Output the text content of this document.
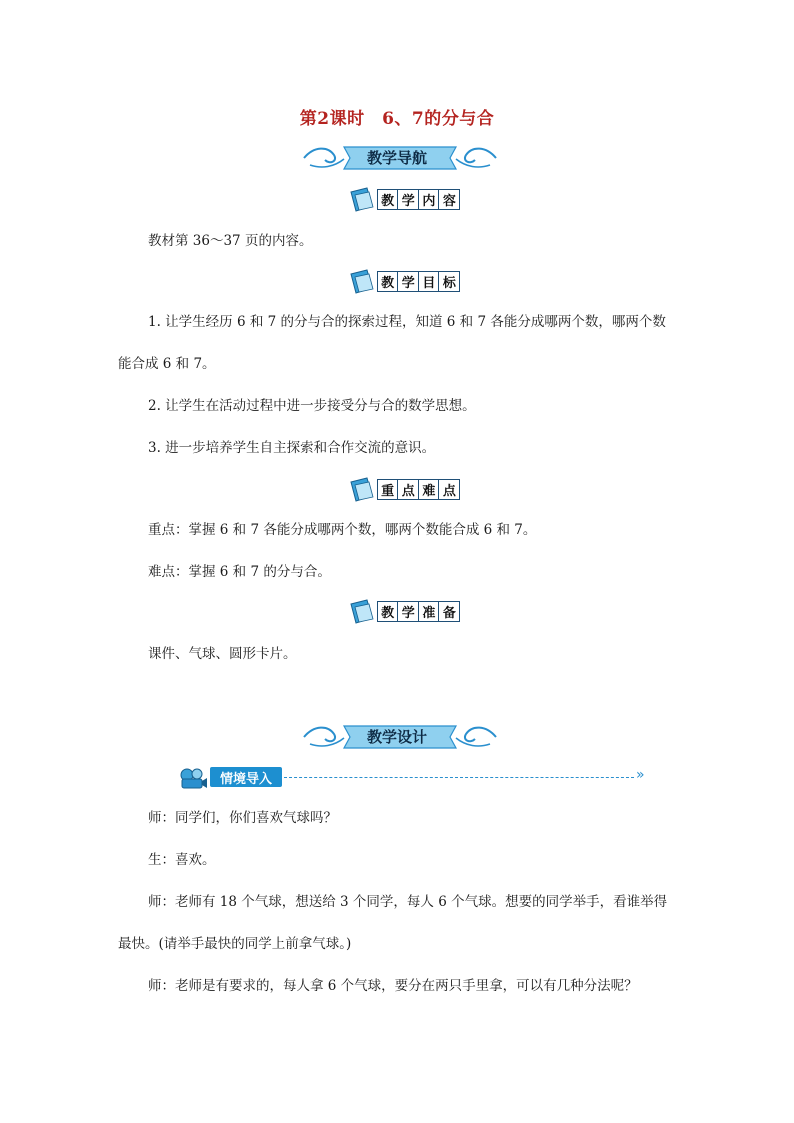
第2课时　6、7的分与合
教学导航
教 学 内 容
教材第 36～37 页的内容。
教 学 目 标
1. 让学生经历 6 和 7 的分与合的探索过程，知道 6 和 7 各能分成哪两个数，哪两个数
能合成 6 和 7。
2. 让学生在活动过程中进一步接受分与合的数学思想。
3. 进一步培养学生自主探索和合作交流的意识。
重 点 难 点
重点：掌握 6 和 7 各能分成哪两个数，哪两个数能合成 6 和 7。
难点：掌握 6 和 7 的分与合。
教 学 准 备
课件、气球、圆形卡片。
教学设计
情境导入	»
师：同学们，你们喜欢气球吗？
生：喜欢。
师：老师有 18 个气球，想送给 3 个同学，每人 6 个气球。想要的同学举手，看谁举得
最快。(请举手最快的同学上前拿气球。)
师：老师是有要求的，每人拿 6 个气球，要分在两只手里拿，可以有几种分法呢？
